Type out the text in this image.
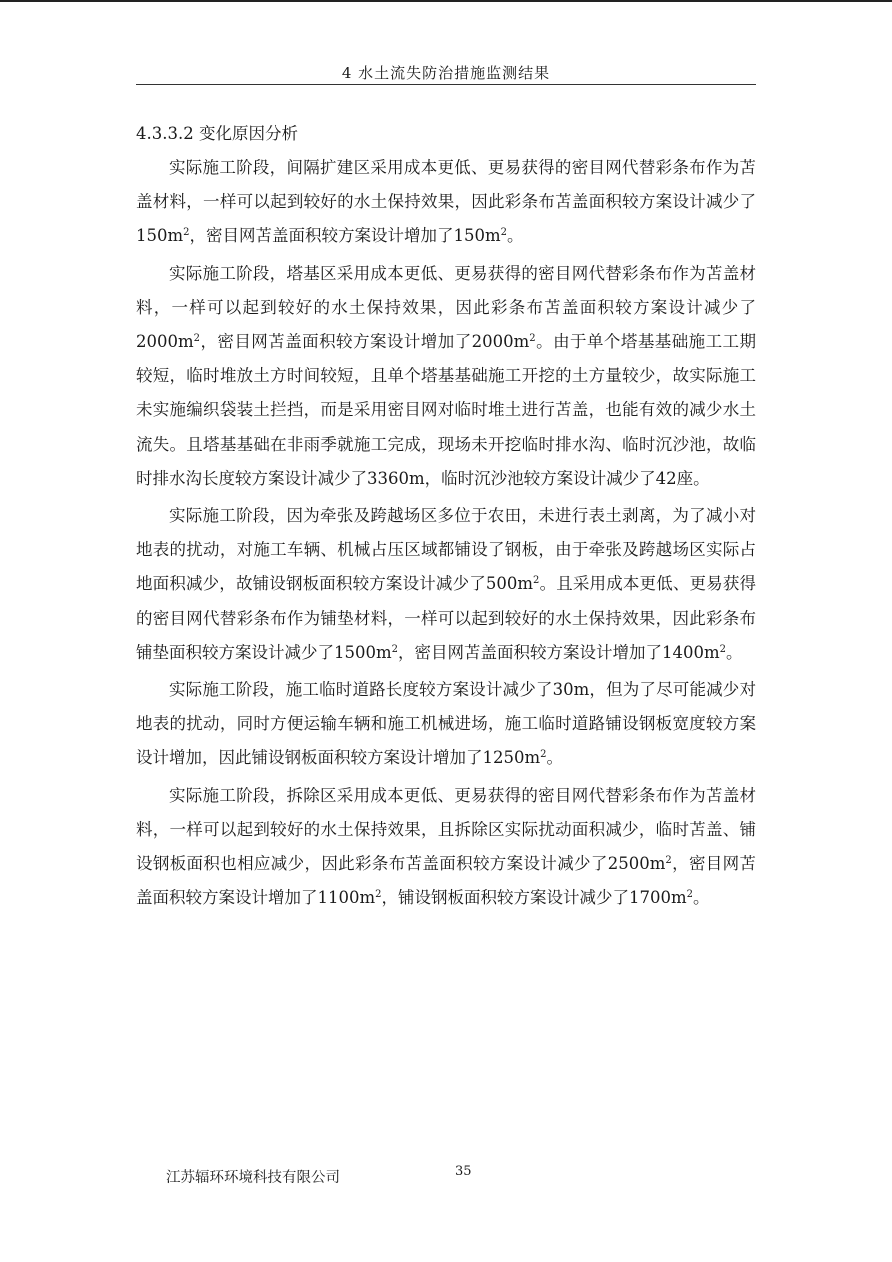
4 水土流失防治措施监测结果

4.3.3.2 变化原因分析

实际施工阶段，间隔扩建区采用成本更低、更易获得的密目网代替彩条布作为苫盖材料，一样可以起到较好的水土保持效果，因此彩条布苫盖面积较方案设计减少了$150m^2$，密目网苫盖面积较方案设计增加了$150m^2$。

实际施工阶段，塔基区采用成本更低、更易获得的密目网代替彩条布作为苫盖材料，一样可以起到较好的水土保持效果，因此彩条布苫盖面积较方案设计减少了$2000m^2$，密目网苫盖面积较方案设计增加了$2000m^2$。由于单个塔基基础施工工期较短，临时堆放土方时间较短，且单个塔基基础施工开挖的土方量较少，故实际施工未实施编织袋装土拦挡，而是采用密目网对临时堆土进行苫盖，也能有效的减少水土流失。且塔基基础在非雨季就施工完成，现场未开挖临时排水沟、临时沉沙池，故临时排水沟长度较方案设计减少了3360m，临时沉沙池较方案设计减少了42座。

实际施工阶段，因为牵张及跨越场区多位于农田，未进行表土剥离，为了减小对地表的扰动，对施工车辆、机械占压区域都铺设了钢板，由于牵张及跨越场区实际占地面积减少，故铺设钢板面积较方案设计减少了$500m^2$。且采用成本更低、更易获得的密目网代替彩条布作为铺垫材料，一样可以起到较好的水土保持效果，因此彩条布铺垫面积较方案设计减少了$1500m^2$，密目网苫盖面积较方案设计增加了$1400m^2$。

实际施工阶段，施工临时道路长度较方案设计减少了30m，但为了尽可能减少对地表的扰动，同时方便运输车辆和施工机械进场，施工临时道路铺设钢板宽度较方案设计增加，因此铺设钢板面积较方案设计增加了$1250m^2$。

实际施工阶段，拆除区采用成本更低、更易获得的密目网代替彩条布作为苫盖材料，一样可以起到较好的水土保持效果，且拆除区实际扰动面积减少，临时苫盖、铺设钢板面积也相应减少，因此彩条布苫盖面积较方案设计减少了$2500m^2$，密目网苫盖面积较方案设计增加了$1100m^2$，铺设钢板面积较方案设计减少了$1700m^2$。

江苏辐环环境科技有限公司	35
